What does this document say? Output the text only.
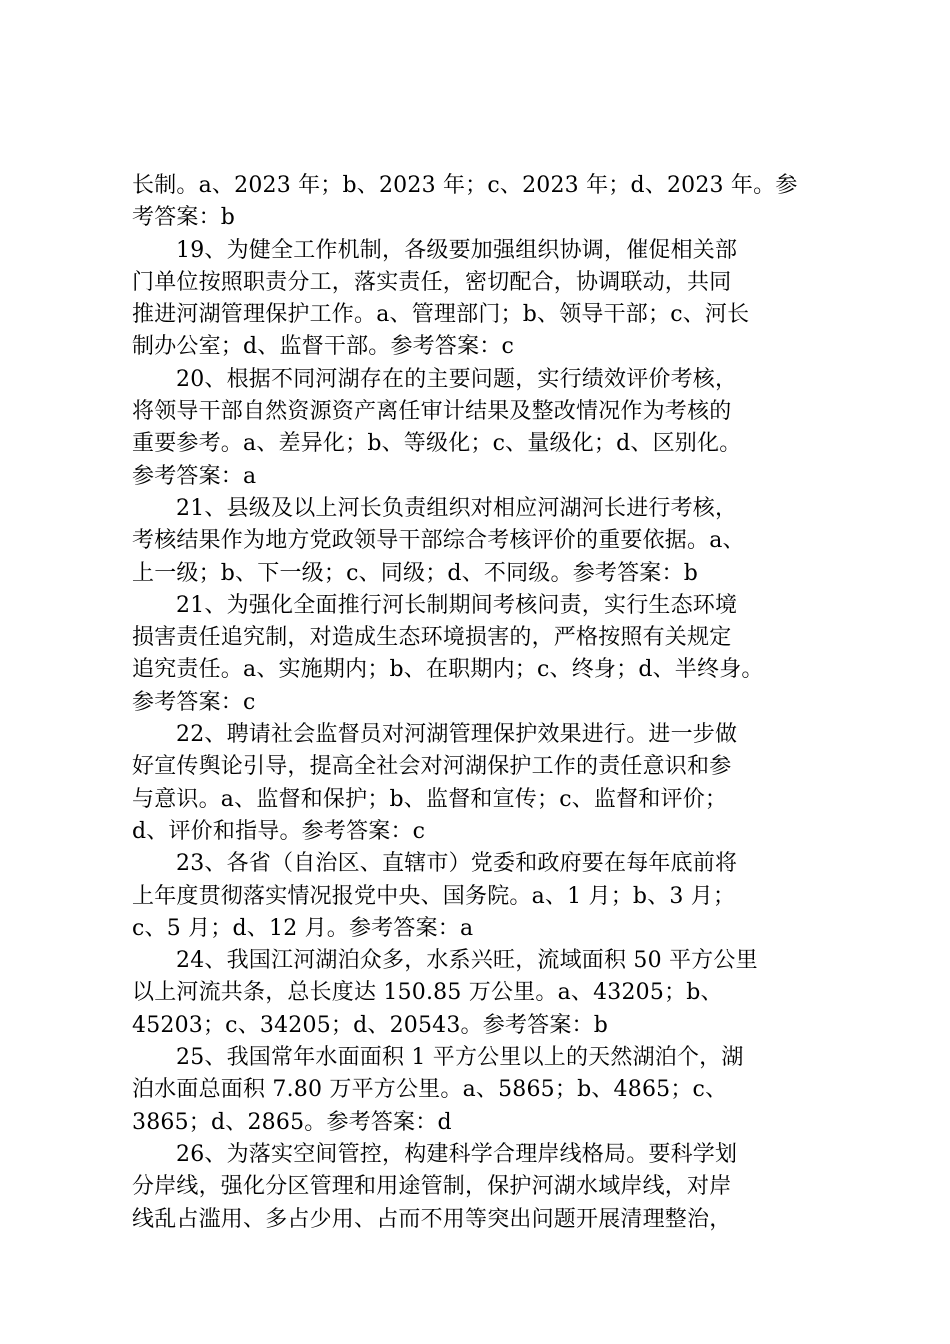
长制。a、2023 年；b、2023 年；c、2023 年；d、2023 年。参
考答案：b

19、为健全工作机制，各级要加强组织协调，催促相关部
门单位按照职责分工，落实责任，密切配合，协调联动，共同
推进河湖管理保护工作。a、管理部门；b、领导干部；c、河长
制办公室；d、监督干部。参考答案：c

20、根据不同河湖存在的主要问题，实行绩效评价考核，
将领导干部自然资源资产离任审计结果及整改情况作为考核的
重要参考。a、差异化；b、等级化；c、量级化；d、区别化。
参考答案：a

21、县级及以上河长负责组织对相应河湖河长进行考核，
考核结果作为地方党政领导干部综合考核评价的重要依据。a、
上一级；b、下一级；c、同级；d、不同级。参考答案：b

21、为强化全面推行河长制期间考核问责，实行生态环境
损害责任追究制，对造成生态环境损害的，严格按照有关规定
追究责任。a、实施期内；b、在职期内；c、终身；d、半终身。
参考答案：c

22、聘请社会监督员对河湖管理保护效果进行。进一步做
好宣传舆论引导，提高全社会对河湖保护工作的责任意识和参
与意识。a、监督和保护；b、监督和宣传；c、监督和评价；
d、评价和指导。参考答案：c

23、各省（自治区、直辖市）党委和政府要在每年底前将
上年度贯彻落实情况报党中央、国务院。a、1 月；b、3 月；
c、5 月；d、12 月。参考答案：a

24、我国江河湖泊众多，水系兴旺，流域面积 50 平方公里
以上河流共条，总长度达 150.85 万公里。a、43205；b、
45203；c、34205；d、20543。参考答案：b

25、我国常年水面面积 1 平方公里以上的天然湖泊个，湖
泊水面总面积 7.80 万平方公里。a、5865；b、4865；c、
3865；d、2865。参考答案：d

26、为落实空间管控，构建科学合理岸线格局。要科学划
分岸线，强化分区管理和用途管制，保护河湖水域岸线，对岸
线乱占滥用、多占少用、占而不用等突出问题开展清理整治，
